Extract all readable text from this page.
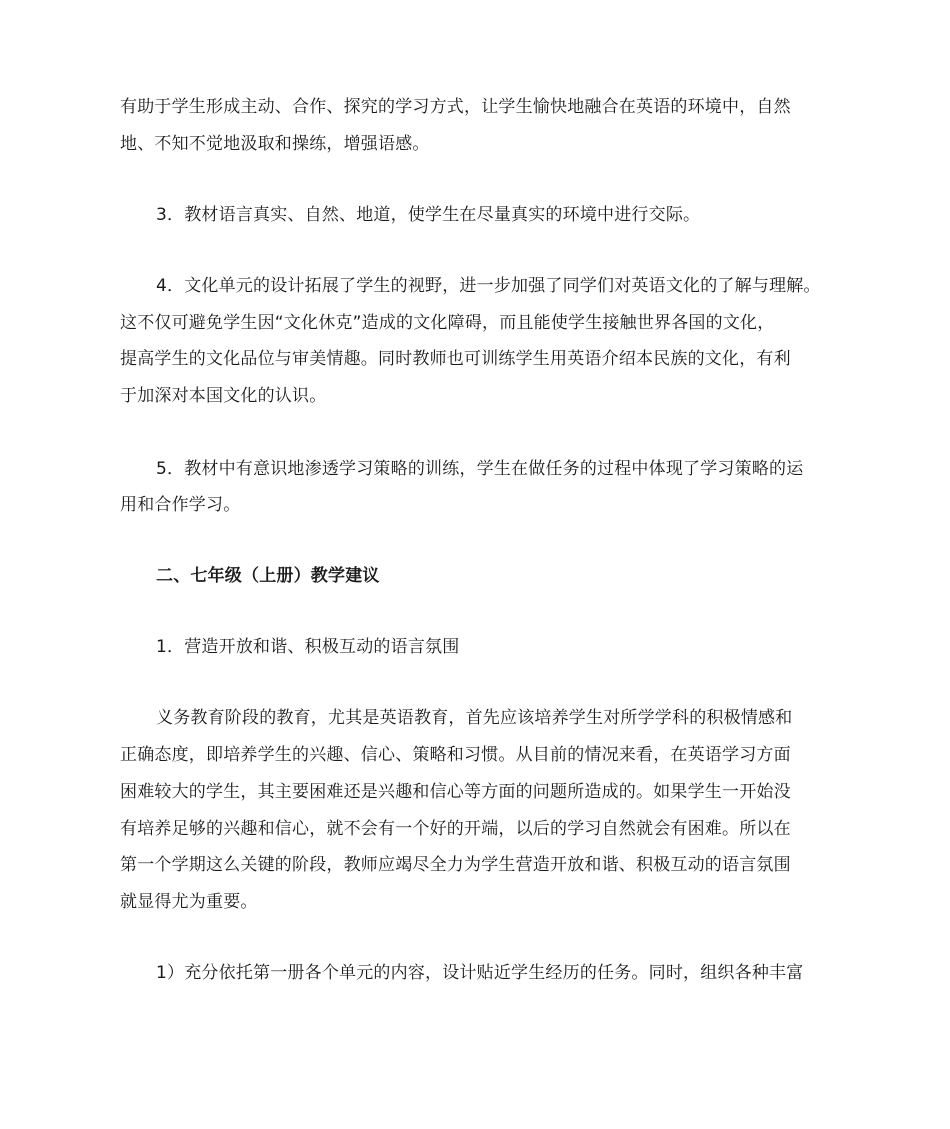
有助于学生形成主动、合作、探究的学习方式，让学生愉快地融合在英语的环境中，自然
地、不知不觉地汲取和操练，增强语感。
3．教材语言真实、自然、地道，使学生在尽量真实的环境中进行交际。
4．文化单元的设计拓展了学生的视野，进一步加强了同学们对英语文化的了解与理解。
这不仅可避免学生因“文化休克”造成的文化障碍，而且能使学生接触世界各国的文化，
提高学生的文化品位与审美情趣。同时教师也可训练学生用英语介绍本民族的文化，有利
于加深对本国文化的认识。
5．教材中有意识地渗透学习策略的训练，学生在做任务的过程中体现了学习策略的运
用和合作学习。
二、七年级（上册）教学建议
1．营造开放和谐、积极互动的语言氛围
义务教育阶段的教育，尤其是英语教育，首先应该培养学生对所学学科的积极情感和
正确态度，即培养学生的兴趣、信心、策略和习惯。从目前的情况来看，在英语学习方面
困难较大的学生，其主要困难还是兴趣和信心等方面的问题所造成的。如果学生一开始没
有培养足够的兴趣和信心，就不会有一个好的开端，以后的学习自然就会有困难。所以在
第一个学期这么关键的阶段，教师应竭尽全力为学生营造开放和谐、积极互动的语言氛围
就显得尤为重要。
1）充分依托第一册各个单元的内容，设计贴近学生经历的任务。同时，组织各种丰富
